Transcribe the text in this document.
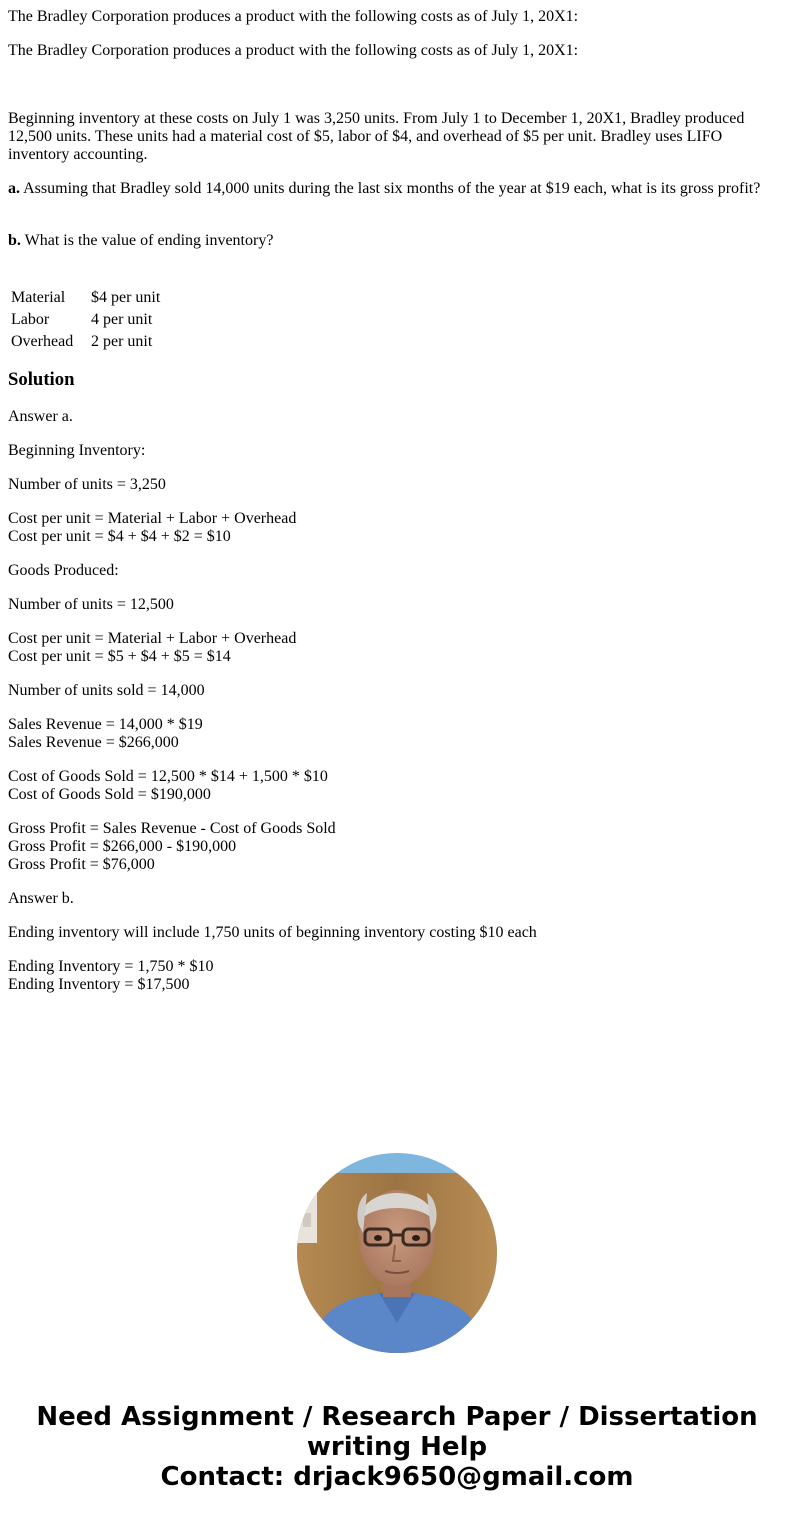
The Bradley Corporation produces a product with the following costs as of July 1, 20X1:

The Bradley Corporation produces a product with the following costs as of July 1, 20X1:

Beginning inventory at these costs on July 1 was 3,250 units. From July 1 to December 1, 20X1, Bradley produced 12,500 units. These units had a material cost of $5, labor of $4, and overhead of $5 per unit. Bradley uses LIFO inventory accounting.

a. Assuming that Bradley sold 14,000 units during the last six months of the year at $19 each, what is its gross profit?

b. What is the value of ending inventory?

Material	$4 per unit
Labor	4 per unit
Overhead	2 per unit
Solution

Answer a.

Beginning Inventory:

Number of units = 3,250

Cost per unit = Material + Labor + Overhead

Cost per unit = $4 + $4 + $2 = $10

Goods Produced:

Number of units = 12,500

Cost per unit = Material + Labor + Overhead

Cost per unit = $5 + $4 + $5 = $14

Number of units sold = 14,000

Sales Revenue = 14,000 * $19

Sales Revenue = $266,000

Cost of Goods Sold = 12,500 * $14 + 1,500 * $10

Cost of Goods Sold = $190,000

Gross Profit = Sales Revenue - Cost of Goods Sold

Gross Profit = $266,000 - $190,000

Gross Profit = $76,000

Answer b.

Ending inventory will include 1,750 units of beginning inventory costing $10 each

Ending Inventory = 1,750 * $10

Ending Inventory = $17,500

Need Assignment / Research Paper / Dissertation
writing Help
Contact: drjack9650@gmail.com
